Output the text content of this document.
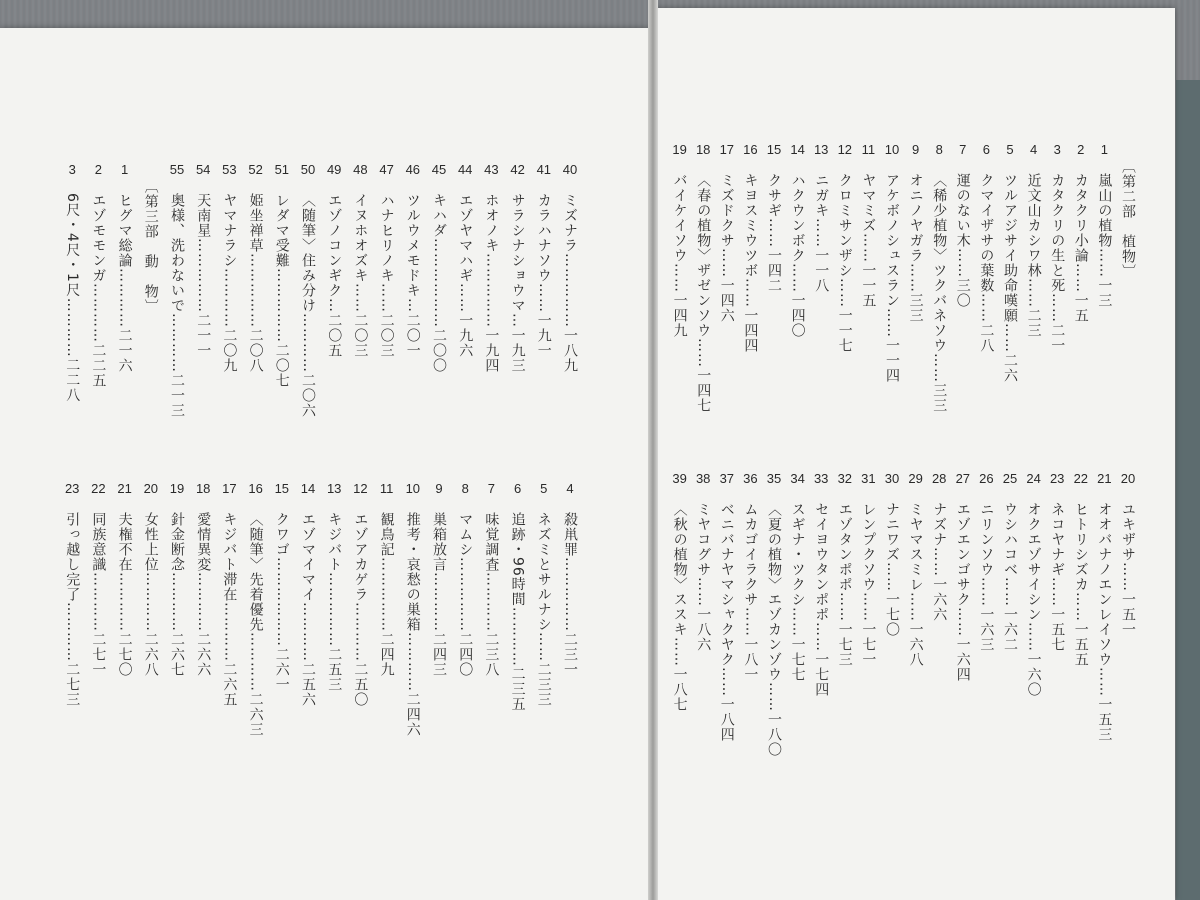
40
ミズナラ……………一八九
41
カラハナソウ……一九一
42
サラシナショウマ…一九三
43
ホオノキ……………一九四
44
エゾヤマハギ……一九六
45
キハダ………………二〇〇
46
ツルウメモドキ…二〇一
47
ハナヒリノキ……二〇三
48
イヌホオズキ……二〇三
49
エゾノコンギク…二〇五
50
〈随筆〉住み分け…………二〇六
51
レダマ受難……………二〇七
52
姫坐禅草……………二〇八
53
ヤマナラシ…………二〇九
54
天南星……………二一一
55
奥様、洗わないで…………二一三
〔第三部　動　物〕
1
ヒグマ総論…………二一六
2
エゾモモンガ…………二二五
3
6尺・4尺・1尺…………二二八	〔第二部　植物〕
1
嵐山の植物……一三
2
カタクリ小論……一五
3
カタクリの生と死……二一
4
近文山カシワ林……二三
5
ツルアジサイ助命嘆願……二六
6
クマイザサの葉数……二八
7
運のない木……三〇
8
〈稀少植物〉ツクバネソウ……三三
9
オニノヤガラ……三三
10
アケボノシュスラン……一一四
11
ヤマミズ……一一五
12
クロミサンザシ……一一七
13
ニガキ……一一八
14
ハクウンボク……一四〇
15
クサギ……一四二
16
キヨスミウツボ……一四四
17
ミズドクサ……一四六
18
〈春の植物〉ザゼンソウ……一四七
19
バイケイソウ……一四九
4
殺鼡罪……………二三一
5
ネズミとサルナシ……二三三
6
追跡・96時間…………二三五
7
味覚調査…………二三八
8
マムシ……………二四〇
9
巣箱放言…………二四三
10
推考・哀愁の巣箱…………二四六
11
観鳥記……………二四九
12
エゾアカゲラ…………二五〇
13
キジバト……………二五三
14
エゾマイマイ…………二五六
15
クワゴ………………二六一
16
〈随筆〉先着優先…………二六三
17
キジバト滞在…………二六五
18
愛情異変…………二六六
19
針金断念…………二六七
20
女性上位…………二六八
21
夫権不在…………二七〇
22
同族意識…………二七一
23
引っ越し完了…………二七三
20
ユキザサ……一五一
21
オオバナノエンレイソウ……一五三
22
ヒトリシズカ……一五五
23
ネコヤナギ……一五七
24
オクエゾサイシン……一六〇
25
ウシハコベ……一六二
26
ニリンソウ……一六三
27
エゾエンゴサク……一六四
28
ナズナ……一六六
29
ミヤマスミレ……一六八
30
ナニワズ……一七〇
31
レンプクソウ……一七一
32
エゾタンポポ……一七三
33
セイヨウタンポポ……一七四
34
スギナ・ツクシ……一七七
35
〈夏の植物〉エゾカンゾウ……一八〇
36
ムカゴイラクサ……一八一
37
ベニバナヤマシャクヤク……一八四
38
ミヤコグサ……一八六
39
〈秋の植物〉ススキ……一八七
